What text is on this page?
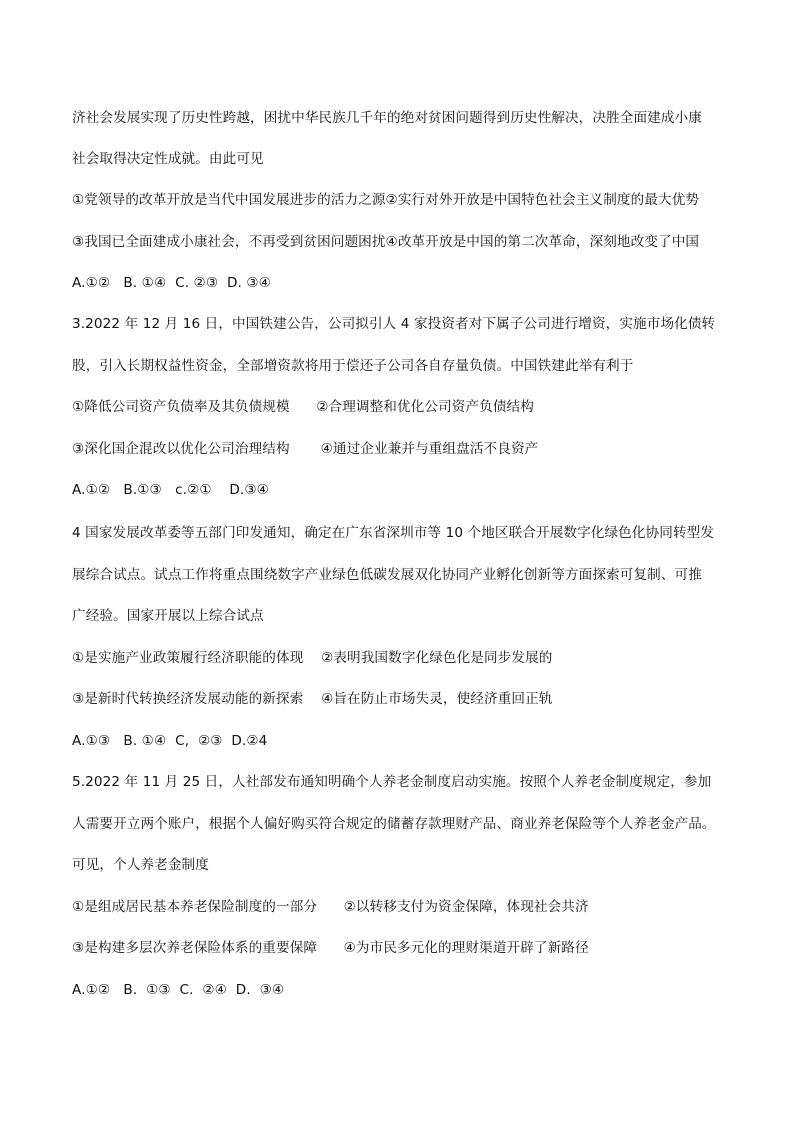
济社会发展实现了历史性跨越，困扰中华民族几千年的绝对贫困问题得到历史性解决，决胜全面建成小康
社会取得决定性成就。由此可见
①党领导的改革开放是当代中国发展进步的活力之源②实行对外开放是中国特色社会主义制度的最大优势
③我国已全面建成小康社会，不再受到贫困问题困扰④改革开放是中国的第二次革命，深刻地改变了中国
A.①②   B. ①④  C. ②③  D. ③④
3.2022 年 12 月 16 日，中国铁建公告，公司拟引人 4 家投资者对下属子公司进行增资，实施市场化债转
股，引入长期权益性资金，全部增资款将用于偿还子公司各自存量负债。中国铁建此举有利于
①降低公司资产负债率及其负债规模      ②合理调整和优化公司资产负债结构
③深化国企混改以优化公司治理结构       ④通过企业兼并与重组盘活不良资产
A.①②   B.①③   c.②①    D.③④
4 国家发展改革委等五部门印发通知，确定在广东省深圳市等 10 个地区联合开展数字化绿色化协同转型发
展综合试点。试点工作将重点围绕数字产业绿色低碳发展双化协同产业孵化创新等方面探索可复制、可推
广经验。国家开展以上综合试点
①是实施产业政策履行经济职能的体现    ②表明我国数字化绿色化是同步发展的
③是新时代转换经济发展动能的新探索    ④旨在防止市场失灵，使经济重回正轨
A.①③   B. ①④  C,  ②③  D.②4
5.2022 年 11 月 25 日，人社部发布通知明确个人养老金制度启动实施。按照个人养老金制度规定，参加
人需要开立两个账户，根据个人偏好购买符合规定的储蓄存款理财产品、商业养老保险等个人养老金产品。
可见，个人养老金制度
①是组成居民基本养老保险制度的一部分      ②以转移支付为资金保障，体现社会共济
③是构建多层次养老保险体系的重要保障      ④为市民多元化的理财渠道开辟了新路径
A.①②   B.  ①③  C.  ②④  D.  ③④
